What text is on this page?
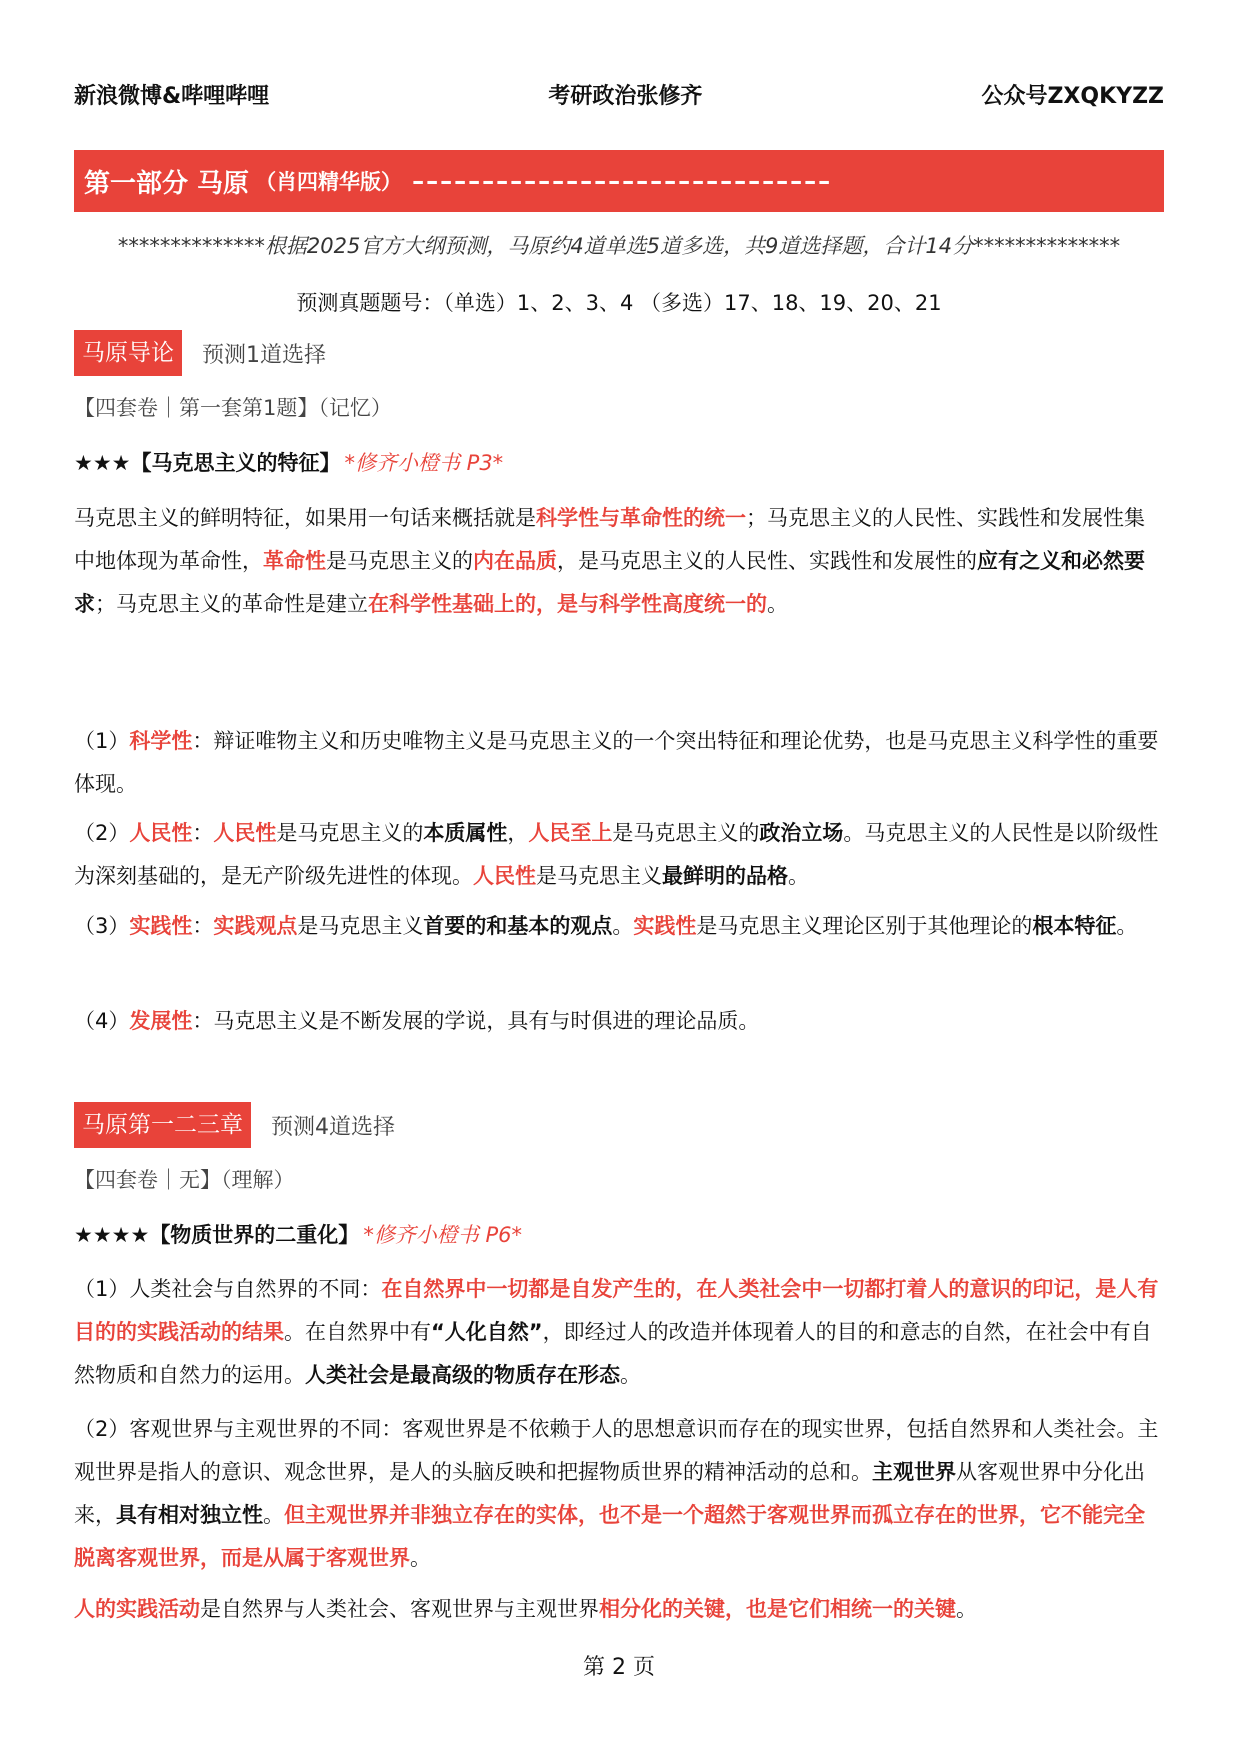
新浪微博&哔哩哔哩	考研政治张修齐	公众号ZXQKYZZ
第一部分 马原 （肖四精华版） ––––––––––––––––––––––––––––––
**************根据2025官方大纲预测，马原约4道单选5道多选，共9道选择题，合计14分**************
预测真题题号：（单选）1、2、3、4 （多选）17、18、19、20、21
马原导论	预测1道选择
【四套卷｜第一套第1题】（记忆）
★★★【马克思主义的特征】 *修齐小橙书 P3*
马克思主义的鲜明特征，如果用一句话来概括就是科学性与革命性的统一；马克思主义的人民性、实践性和发展性集中地体现为革命性，革命性是马克思主义的内在品质，是马克思主义的人民性、实践性和发展性的应有之义和必然要求；马克思主义的革命性是建立在科学性基础上的，是与科学性高度统一的。
（1）科学性：辩证唯物主义和历史唯物主义是马克思主义的一个突出特征和理论优势，也是马克思主义科学性的重要体现。
（2）人民性：人民性是马克思主义的本质属性，人民至上是马克思主义的政治立场。马克思主义的人民性是以阶级性为深刻基础的，是无产阶级先进性的体现。人民性是马克思主义最鲜明的品格。
（3）实践性：实践观点是马克思主义首要的和基本的观点。实践性是马克思主义理论区别于其他理论的根本特征。
（4）发展性：马克思主义是不断发展的学说，具有与时俱进的理论品质。
马原第一二三章	预测4道选择
【四套卷｜无】（理解）
★★★★【物质世界的二重化】 *修齐小橙书 P6*
（1）人类社会与自然界的不同：在自然界中一切都是自发产生的，在人类社会中一切都打着人的意识的印记，是人有目的的实践活动的结果。在自然界中有“人化自然”，即经过人的改造并体现着人的目的和意志的自然，在社会中有自然物质和自然力的运用。人类社会是最高级的物质存在形态。
（2）客观世界与主观世界的不同：客观世界是不依赖于人的思想意识而存在的现实世界，包括自然界和人类社会。主观世界是指人的意识、观念世界，是人的头脑反映和把握物质世界的精神活动的总和。主观世界从客观世界中分化出来，具有相对独立性。但主观世界并非独立存在的实体，也不是一个超然于客观世界而孤立存在的世界，它不能完全脱离客观世界，而是从属于客观世界。
人的实践活动是自然界与人类社会、客观世界与主观世界相分化的关键，也是它们相统一的关键。
第 2 页
